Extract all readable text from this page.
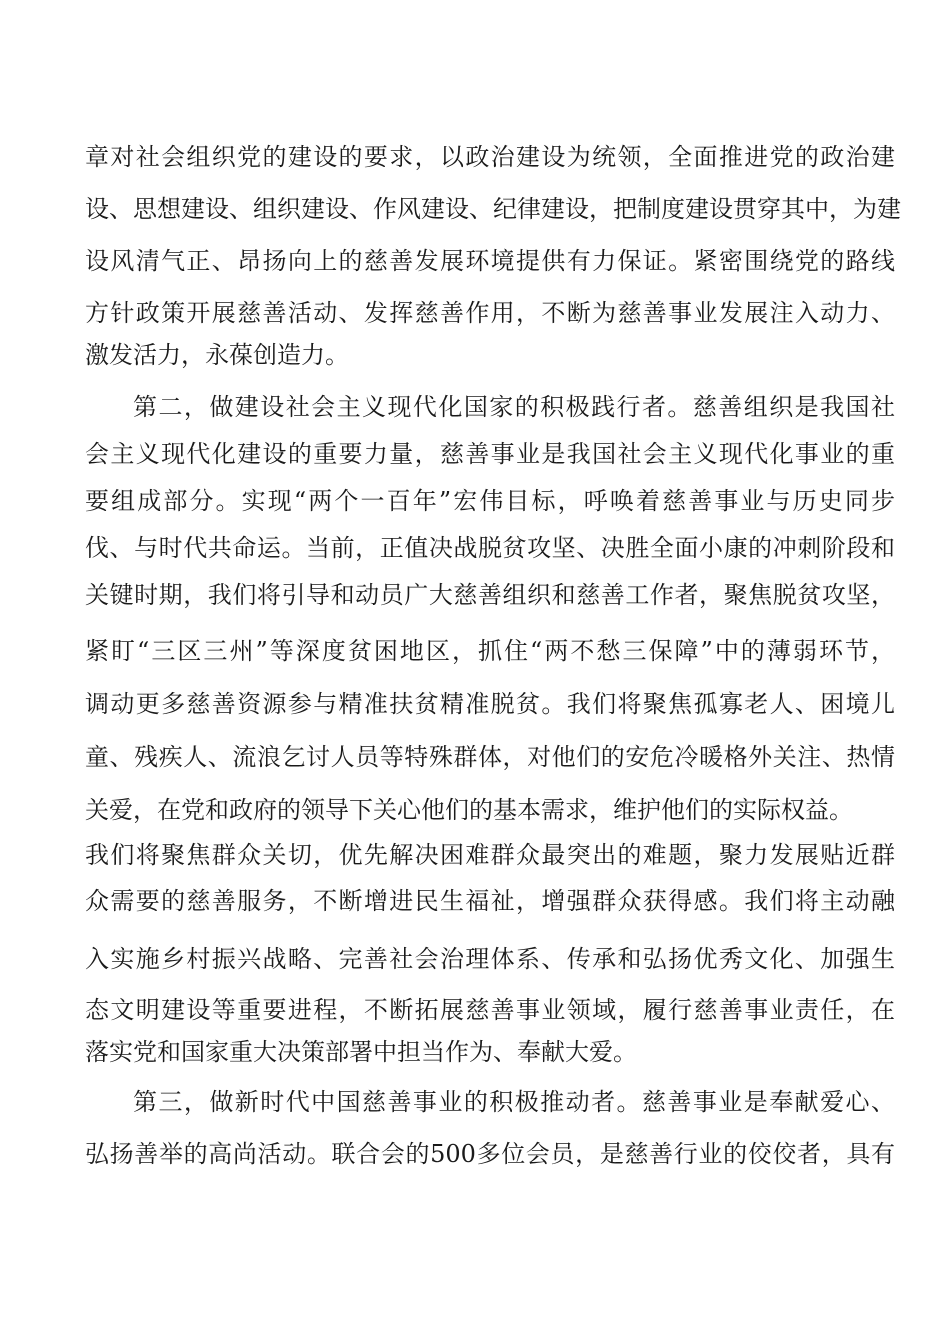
章对社会组织党的建设的要求，以政治建设为统领，全面推进党的政治建
设、思想建设、组织建设、作风建设、纪律建设，把制度建设贯穿其中，为建
设风清气正、昂扬向上的慈善发展环境提供有力保证。紧密围绕党的路线
方针政策开展慈善活动、发挥慈善作用，不断为慈善事业发展注入动力、
激发活力，永葆创造力。
第二，做建设社会主义现代化国家的积极践行者。慈善组织是我国社
会主义现代化建设的重要力量，慈善事业是我国社会主义现代化事业的重
要组成部分。实现“两个一百年”宏伟目标，呼唤着慈善事业与历史同步
伐、与时代共命运。当前，正值决战脱贫攻坚、决胜全面小康的冲刺阶段和
关键时期，我们将引导和动员广大慈善组织和慈善工作者，聚焦脱贫攻坚，
紧盯“三区三州”等深度贫困地区，抓住“两不愁三保障”中的薄弱环节，
调动更多慈善资源参与精准扶贫精准脱贫。我们将聚焦孤寡老人、困境儿
童、残疾人、流浪乞讨人员等特殊群体，对他们的安危冷暖格外关注、热情
关爱，在党和政府的领导下关心他们的基本需求，维护他们的实际权益。
我们将聚焦群众关切，优先解决困难群众最突出的难题，聚力发展贴近群
众需要的慈善服务，不断增进民生福祉，增强群众获得感。我们将主动融
入实施乡村振兴战略、完善社会治理体系、传承和弘扬优秀文化、加强生
态文明建设等重要进程，不断拓展慈善事业领域，履行慈善事业责任，在
落实党和国家重大决策部署中担当作为、奉献大爱。
第三，做新时代中国慈善事业的积极推动者。慈善事业是奉献爱心、
弘扬善举的高尚活动。联合会的500多位会员，是慈善行业的佼佼者，具有
